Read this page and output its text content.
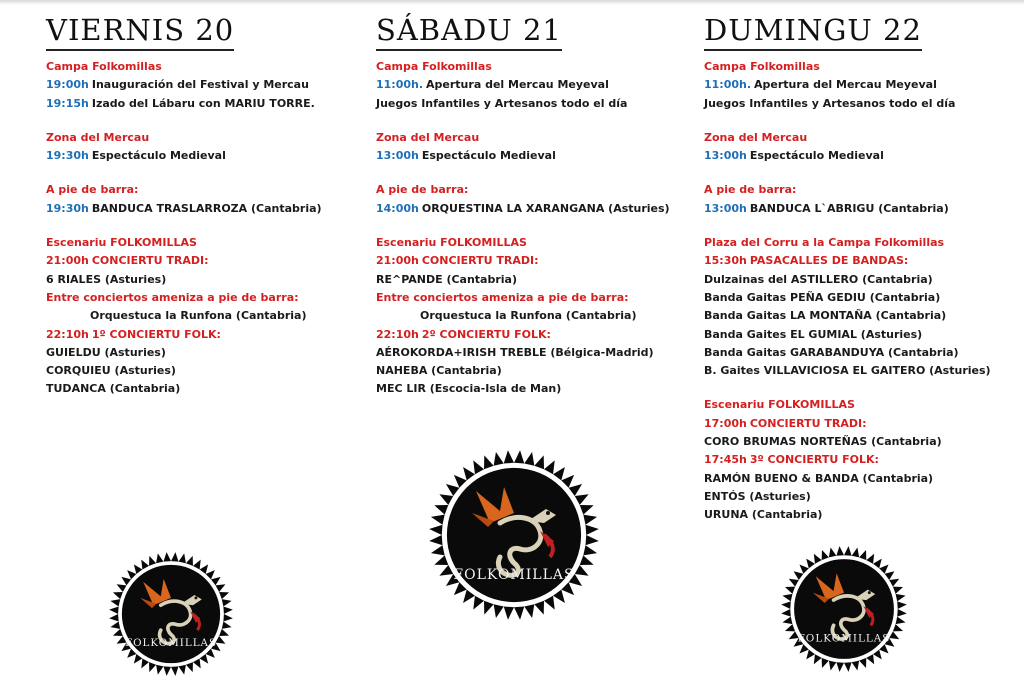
VIERNIS 20
Campa Folkomillas
19:00h Inauguración del Festival y Mercau
19:15h Izado del Lábaru con MARIU TORRE.
Zona del Mercau
19:30h Espectáculo Medieval
A pie de barra:
19:30h BANDUCA TRASLARROZA (Cantabria)
Escenariu FOLKOMILLAS
21:00h CONCIERTU TRADI:
6 RIALES (Asturies)
Entre conciertos ameniza a pie de barra:
Orquestuca la Runfona (Cantabria)
22:10h 1º CONCIERTU FOLK:
GUIELDU (Asturies)
CORQUIEU (Asturies)
TUDANCA (Cantabria)
FOLKOMILLAS
SÁBADU 21
Campa Folkomillas
11:00h. Apertura del Mercau Meyeval
Juegos Infantiles y Artesanos todo el día
Zona del Mercau
13:00h Espectáculo Medieval
A pie de barra:
14:00h ORQUESTINA LA XARANGANA (Asturies)
Escenariu FOLKOMILLAS
21:00h CONCIERTU TRADI:
RE^PANDE (Cantabria)
Entre conciertos ameniza a pie de barra:
Orquestuca la Runfona (Cantabria)
22:10h 2º CONCIERTU FOLK:
AÉROKORDA+IRISH TREBLE (Bélgica-Madrid)
NAHEBA (Cantabria)
MEC LIR (Escocia-Isla de Man)
FOLKOMILLAS
DUMINGU 22
Campa Folkomillas
11:00h. Apertura del Mercau Meyeval
Juegos Infantiles y Artesanos todo el día
Zona del Mercau
13:00h Espectáculo Medieval
A pie de barra:
13:00h BANDUCA L`ABRIGU (Cantabria)
Plaza del Corru a la Campa Folkomillas
15:30h PASACALLES DE BANDAS:
Dulzainas del ASTILLERO (Cantabria)
Banda Gaitas PEÑA GEDIU (Cantabria)
Banda Gaitas LA MONTAÑA (Cantabria)
Banda Gaites EL GUMIAL (Asturies)
Banda Gaitas GARABANDUYA (Cantabria)
B. Gaites VILLAVICIOSA EL GAITERO (Asturies)
Escenariu FOLKOMILLAS
17:00h CONCIERTU TRADI:
CORO BRUMAS NORTEÑAS (Cantabria)
17:45h 3º CONCIERTU FOLK:
RAMÓN BUENO & BANDA (Cantabria)
ENTÓS (Asturies)
URUNA (Cantabria)
FOLKOMILLAS
